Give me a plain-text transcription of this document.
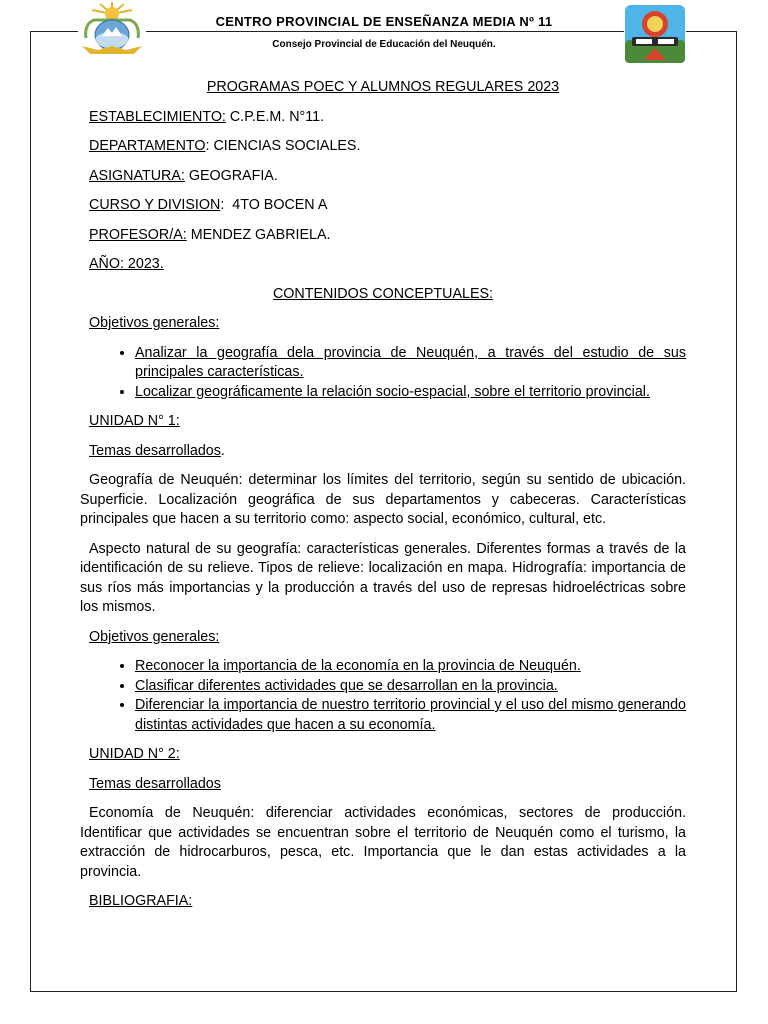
CENTRO PROVINCIAL DE ENSEÑANZA MEDIA Nº 11
Consejo Provincial de Educación del Neuquén.

PROGRAMAS POEC Y ALUMNOS REGULARES 2023

ESTABLECIMIENTO: C.P.E.M. N°11.

DEPARTAMENTO: CIENCIAS SOCIALES.

ASIGNATURA: GEOGRAFIA.

CURSO Y DIVISION:  4TO BOCEN A

PROFESOR/A: MENDEZ GABRIELA.

AÑO: 2023.

CONTENIDOS CONCEPTUALES:

Objetivos generales:

• Analizar la geografía dela provincia de Neuquén, a través del estudio de sus principales características.
• Localizar geográficamente la relación socio-espacial, sobre el territorio provincial.

UNIDAD N° 1:

Temas desarrollados.

Geografía de Neuquén: determinar los límites del territorio, según su sentido de ubicación. Superficie. Localización geográfica de sus departamentos y cabeceras. Características principales que hacen a su territorio como: aspecto social, económico, cultural, etc.

Aspecto natural de su geografía: características generales. Diferentes formas a través de la identificación de su relieve. Tipos de relieve: localización en mapa. Hidrografía: importancia de sus ríos más importancias y la producción a través del uso de represas hidroeléctricas sobre los mismos.

Objetivos generales:

• Reconocer la importancia de la economía en la provincia de Neuquén.
• Clasificar diferentes actividades que se desarrollan en la provincia.
• Diferenciar la importancia de nuestro territorio provincial y el uso del mismo generando distintas actividades que hacen a su economía.

UNIDAD N° 2:

Temas desarrollados

Economía de Neuquén: diferenciar actividades económicas, sectores de producción. Identificar que actividades se encuentran sobre el territorio de Neuquén como el turismo, la extracción de hidrocarburos, pesca, etc. Importancia que le dan estas actividades a la provincia.

BIBLIOGRAFIA:
